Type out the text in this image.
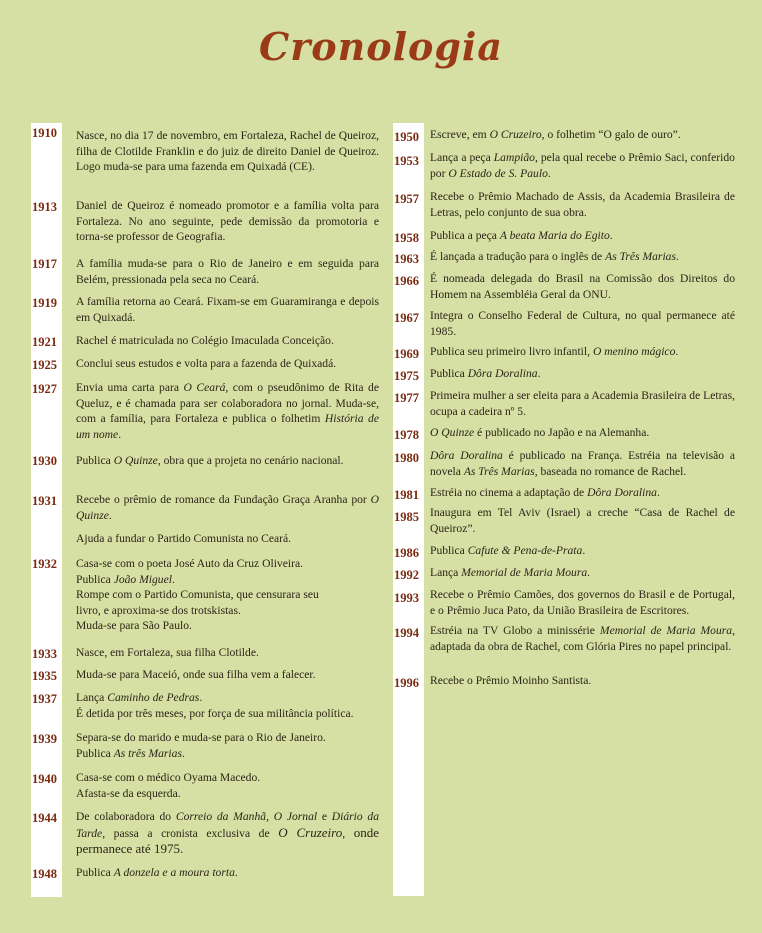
Cronologia
1910 Nasce, no dia 17 de novembro, em Fortaleza, Rachel de Queiroz, filha de Clotilde Franklin e do juiz de direito Daniel de Queiroz. Logo muda-se para uma fazenda em Quixadá (CE).
1913 Daniel de Queiroz é nomeado promotor e a família volta para Fortaleza. No ano seguinte, pede demissão da promotoria e torna-se professor de Geografia.
1917 A família muda-se para o Rio de Janeiro e em seguida para Belém, pressionada pela seca no Ceará.
1919 A família retorna ao Ceará. Fixam-se em Guaramiranga e depois em Quixadá.
1921 Rachel é matriculada no Colégio Imaculada Conceição.
1925 Conclui seus estudos e volta para a fazenda de Quixadá.
1927 Envia uma carta para O Ceará, com o pseudônimo de Rita de Queluz, e é chamada para ser colaboradora no jornal. Muda-se, com a família, para Fortaleza e publica o folhetim História de um nome.
1930 Publica O Quinze, obra que a projeta no cenário nacional.
1931 Recebe o prêmio de romance da Fundação Graça Aranha por O Quinze.
Ajuda a fundar o Partido Comunista no Ceará.
1932 Casa-se com o poeta José Auto da Cruz Oliveira.
Publica João Miguel.
Rompe com o Partido Comunista, que censurara seu livro, e aproxima-se dos trotskistas.
Muda-se para São Paulo.
1933 Nasce, em Fortaleza, sua filha Clotilde.
1935 Muda-se para Maceió, onde sua filha vem a falecer.
1937 Lança Caminho de Pedras.
É detida por três meses, por força de sua militância política.
1939 Separa-se do marido e muda-se para o Rio de Janeiro.
Publica As três Marias.
1940 Casa-se com o médico Oyama Macedo.
Afasta-se da esquerda.
1944 De colaboradora do Correio da Manhã, O Jornal e Diário da Tarde, passa a cronista exclusiva de O Cruzeiro, onde permanece até 1975.
1948 Publica A donzela e a moura torta.
1950 Escreve, em O Cruzeiro, o folhetim “O galo de ouro”.
1953 Lança a peça Lampião, pela qual recebe o Prêmio Saci, conferido por O Estado de S. Paulo.
1957 Recebe o Prêmio Machado de Assis, da Academia Brasileira de Letras, pelo conjunto de sua obra.
1958 Publica a peça A beata Maria do Egito.
1963 É lançada a tradução para o inglês de As Três Marias.
1966 É nomeada delegada do Brasil na Comissão dos Direitos do Homem na Assembléia Geral da ONU.
1967 Integra o Conselho Federal de Cultura, no qual permanece até 1985.
1969 Publica seu primeiro livro infantil, O menino mágico.
1975 Publica Dôra Doralina.
1977 Primeira mulher a ser eleita para a Academia Brasileira de Letras, ocupa a cadeira nº 5.
1978 O Quinze é publicado no Japão e na Alemanha.
1980 Dôra Doralina é publicado na França. Estréia na televisão a novela As Três Marias, baseada no romance de Rachel.
1981 Estréia no cinema a adaptação de Dôra Doralina.
1985 Inaugura em Tel Aviv (Israel) a creche “Casa de Rachel de Queiroz”.
1986 Publica Cafute & Pena-de-Prata.
1992 Lança Memorial de Maria Moura.
1993 Recebe o Prêmio Camões, dos governos do Brasil e de Portugal, e o Prêmio Juca Pato, da União Brasileira de Escritores.
1994 Estréia na TV Globo a minissérie Memorial de Maria Moura, adaptada da obra de Rachel, com Glória Pires no papel principal.
1996 Recebe o Prêmio Moinho Santista.
